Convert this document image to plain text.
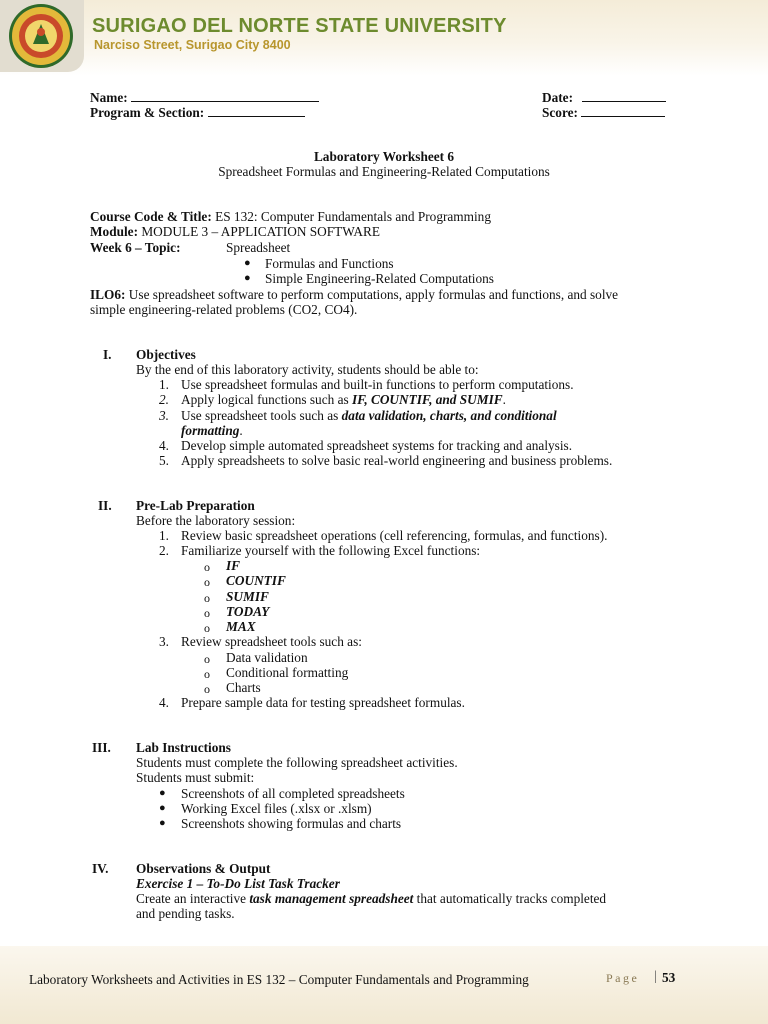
SURIGAO DEL NORTE STATE UNIVERSITY
Narciso Street, Surigao City 8400
Name:
Program & Section:
Date:
Score:
Laboratory Worksheet 6
Spreadsheet Formulas and Engineering-Related Computations
Course Code & Title: ES 132: Computer Fundamentals and Programming
Module: MODULE 3 – APPLICATION SOFTWARE
Week 6 – Topic:	Spreadsheet
● Formulas and Functions
● Simple Engineering-Related Computations
ILO6: Use spreadsheet software to perform computations, apply formulas and functions, and solve
simple engineering-related problems (CO2, CO4).
I. Objectives
By the end of this laboratory activity, students should be able to:
1. Use spreadsheet formulas and built-in functions to perform computations.
2. Apply logical functions such as IF, COUNTIF, and SUMIF.
3. Use spreadsheet tools such as data validation, charts, and conditional
formatting.
4. Develop simple automated spreadsheet systems for tracking and analysis.
5. Apply spreadsheets to solve basic real-world engineering and business problems.
II. Pre-Lab Preparation
Before the laboratory session:
1. Review basic spreadsheet operations (cell referencing, formulas, and functions).
2. Familiarize yourself with the following Excel functions:
o IF
o COUNTIF
o SUMIF
o TODAY
o MAX
3. Review spreadsheet tools such as:
o Data validation
o Conditional formatting
o Charts
4. Prepare sample data for testing spreadsheet formulas.
III. Lab Instructions
Students must complete the following spreadsheet activities.
Students must submit:
● Screenshots of all completed spreadsheets
● Working Excel files (.xlsx or .xlsm)
● Screenshots showing formulas and charts
IV. Observations & Output
Exercise 1 – To-Do List Task Tracker
Create an interactive task management spreadsheet that automatically tracks completed
and pending tasks.
Laboratory Worksheets and Activities in ES 132 – Computer Fundamentals and Programming	Page | 53
